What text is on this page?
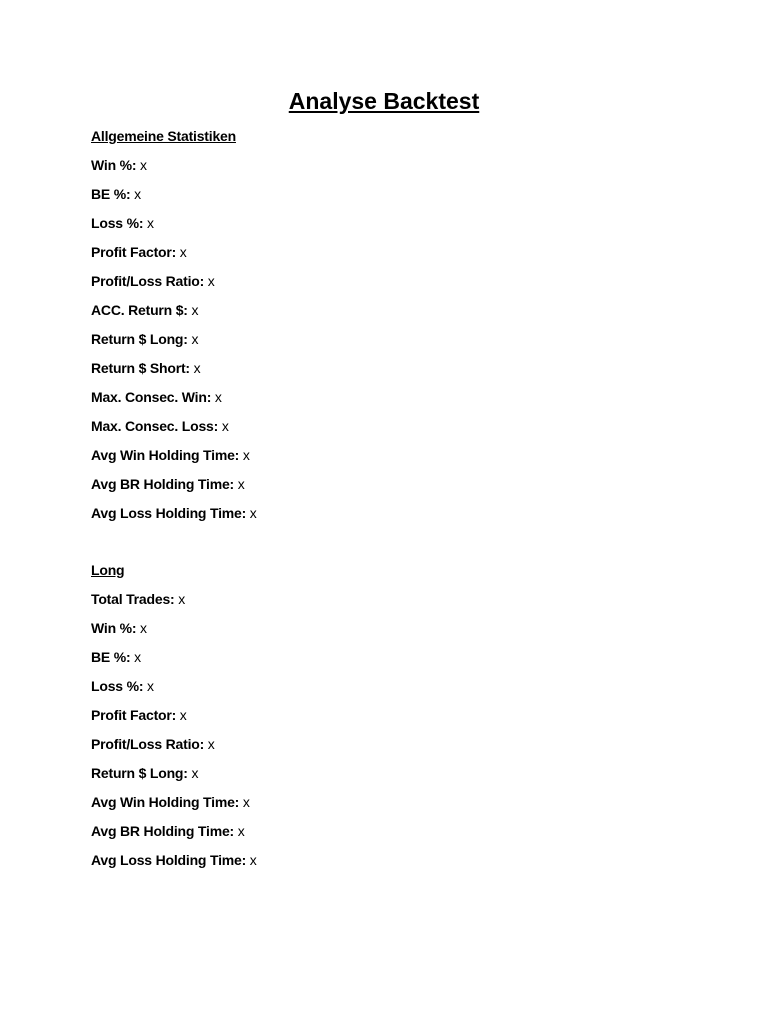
Analyse Backtest
Allgemeine Statistiken
Win %: x
BE %: x
Loss %: x
Profit Factor: x
Profit/Loss Ratio: x
ACC. Return $: x
Return $ Long: x
Return $ Short: x
Max. Consec. Win: x
Max. Consec. Loss: x
Avg Win Holding Time: x
Avg BR Holding Time: x
Avg Loss Holding Time: x
Long
Total Trades: x
Win %: x
BE %: x
Loss %: x
Profit Factor: x
Profit/Loss Ratio: x
Return $ Long: x
Avg Win Holding Time: x
Avg BR Holding Time: x
Avg Loss Holding Time: x
